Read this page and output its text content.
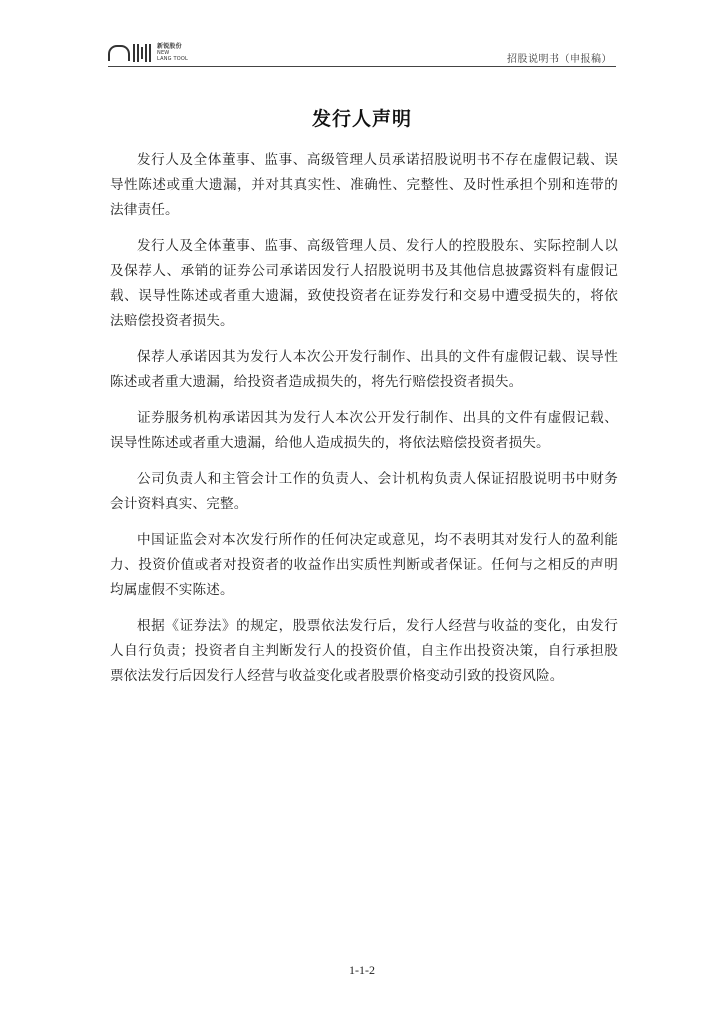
新锐股份
NEW
LANG TOOL	招股说明书（申报稿）
发行人声明

发行人及全体董事、监事、高级管理人员承诺招股说明书不存在虚假记载、误导性陈述或重大遗漏，并对其真实性、准确性、完整性、及时性承担个别和连带的法律责任。

发行人及全体董事、监事、高级管理人员、发行人的控股股东、实际控制人以及保荐人、承销的证券公司承诺因发行人招股说明书及其他信息披露资料有虚假记载、误导性陈述或者重大遗漏，致使投资者在证券发行和交易中遭受损失的，将依法赔偿投资者损失。

保荐人承诺因其为发行人本次公开发行制作、出具的文件有虚假记载、误导性陈述或者重大遗漏，给投资者造成损失的，将先行赔偿投资者损失。

证券服务机构承诺因其为发行人本次公开发行制作、出具的文件有虚假记载、误导性陈述或者重大遗漏，给他人造成损失的，将依法赔偿投资者损失。

公司负责人和主管会计工作的负责人、会计机构负责人保证招股说明书中财务会计资料真实、完整。

中国证监会对本次发行所作的任何决定或意见，均不表明其对发行人的盈利能力、投资价值或者对投资者的收益作出实质性判断或者保证。任何与之相反的声明均属虚假不实陈述。

根据《证券法》的规定，股票依法发行后，发行人经营与收益的变化，由发行人自行负责；投资者自主判断发行人的投资价值，自主作出投资决策，自行承担股票依法发行后因发行人经营与收益变化或者股票价格变动引致的投资风险。

1-1-2
